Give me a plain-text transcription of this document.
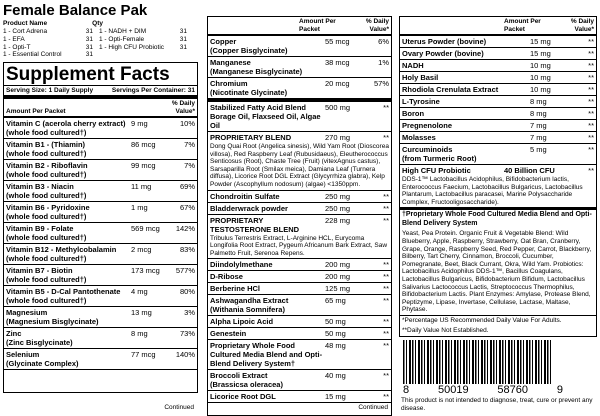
Female Balance Pak
Product Name	Qty
1 - Cort Adrena	31 1 - NADH + DIM	31
1 - EFA	31 1 - Opti-Female	31
1 - Opti-T	31 1 - High CFU Probiotic	31
1 - Essential Control	31
Supplement Facts
Serving Size: 1 Daily Supply	Servings Per Container: 31
Amount Per Packet
% Daily Value*
Vitamin C (acerola cherry extract)
(whole food cultured†)
9 mg	10%
Vitamin B1 - (Thiamin)
(whole food cultured†)
86 mcg	7%
Vitamin B2 - Riboflavin
(whole food cultured†)
99 mcg	7%
Vitamin B3 - Niacin
(whole food cultured†)
11 mg	69%
Vitamin B6 - Pyridoxine
(whole food cultured†)
1 mg	67%
Vitamin B9 - Folate
(whole food cultured†)
569 mcg	142%
Vitamin B12 - Methylcobalamin
(whole food cultured†)
2 mcg	83%
Vitamin B7 - Biotin
(whole food cultured†)
173 mcg	577%
Vitamin B5 - D-Cal Pantothenate
(whole food cultured†)
4 mg	80%
Magnesium
(Magnesium Bisglycinate)
13 mg	3%
Zinc
(Zinc Bisglycinate)
8 mg	73%
Selenium
(Glycinate Complex)
77 mcg	140%
Continued
Amount Per Packet
% Daily Value*
Copper
(Copper Bisglycinate)
55 mcg	6%
Manganese
(Manganese Bisglycinate)
38 mcg	1%
Chromium
(Nicotinate Glycinate)
20 mcg	57%
Stabilized Fatty Acid Blend
Borage Oil, Flaxseed Oil, Algae Oil
500 mg	**
PROPRIETARY BLEND	270 mg	**
Dong Quai Root (Angelica sinesis), Wild Yam Root (Dioscorea villosa), Red Raspberry Leaf (Rubusidaeus), Eleutherococcus Senticosus (Root), Chaste Tree (Fruit) (vitexAgnus castus), Sarsaparilla Root (Smilax meica), Damiana Leaf (Turnera diffusa), Licorice Root DGL Extract (Glycyrrhiza glabra), Kelp Powder (Ascophyllum nodosum) (algae) <1350ppm.
Chondroitin Sulfate	250 mg	**
Bladderwrack powder	250 mg	**
PROPRIETARY TESTOSTERONE BLEND
228 mg	**
Tribulus Terrestris Extract, L-Arginine HCL, Eurycoma Longifolia Root Extract, Pygeum Africanum Bark Extract, Saw Palmetto Fruit, Serenoa Repens.
Diindolylmethane	200 mg	**
D-Ribose	200 mg	**
Berberine HCl	125 mg	**
Ashwagandha Extract
(Withania Somnifera)
65 mg	**
Alpha Lipoic Acid	50 mg	**
Genestein	50 mg	**
Proprietary Whole Food Cultured Media Blend and Opti-Blend Delivery System†
48 mg	**
Broccoli Extract
(Brassicsa oleracea)
40 mg	**
Licorice Root DGL	15 mg	**
Continued
Amount Per Packet
% Daily Value*
Uterus Powder (bovine)	15 mg	**
Ovary Powder (bovine)	15 mg	**
NADH	10 mg	**
Holy Basil	10 mg	**
Rhodiola Crenulata Extract	10 mg	**
L-Tyrosine	8 mg	**
Boron	8 mg	**
Pregnenolone	7 mg	**
Molasses	7 mg	**
Curcuminoids
(from Turmeric Root)
5 mg	**
High CFU Probiotic	40 Billion CFU	**
DDS-1™ Lactobacillus Acidophilus, Bifidobacterium lactis, Enterococcus Faecium, Lactobacillus Bulgaricus, Lactobacillus Plantarum, Lactobacillus paracasei, Marine Polysaccharide Complex, Fructooligosaccharide).
†Proprietary Whole Food Cultured Media Blend and Opti-Blend Delivery System
Yeast, Pea Protein. Organic Fruit & Vegetable Blend: Wild Blueberry, Apple, Raspberry, Strawberry, Oat Bran, Cranberry, Grape, Orange, Raspberry Seed, Red Pepper, Carrot, Blackberry, Bilberry, Tart Cherry, Cinnamon, Broccoli, Cucumber, Pomegranate, Beet, Black Currant, Okra, Wild Yam. Probiotics: Lactobacillus Acidophilus DDS-1™, Bacillus Coagulans, Lactobacillus Bulgaricus, Bifidobacterium Bifidum, Lactobacillus Salivarius Lactococcus Lactis, Streptococcus Thermophilus, Bifidobacterium Lactis. Plant Enzymes: Amylase, Protease Blend, Peptizyme, Lipase, Invertase, Cellulase, Lactase, Maltase, Phytase.
*Percentage US Recommended Daily Value For Adults.
**Daily Value Not Established.
8	50019	58760	9
This product is not intended to diagnose, treat, cure or prevent any disease.
